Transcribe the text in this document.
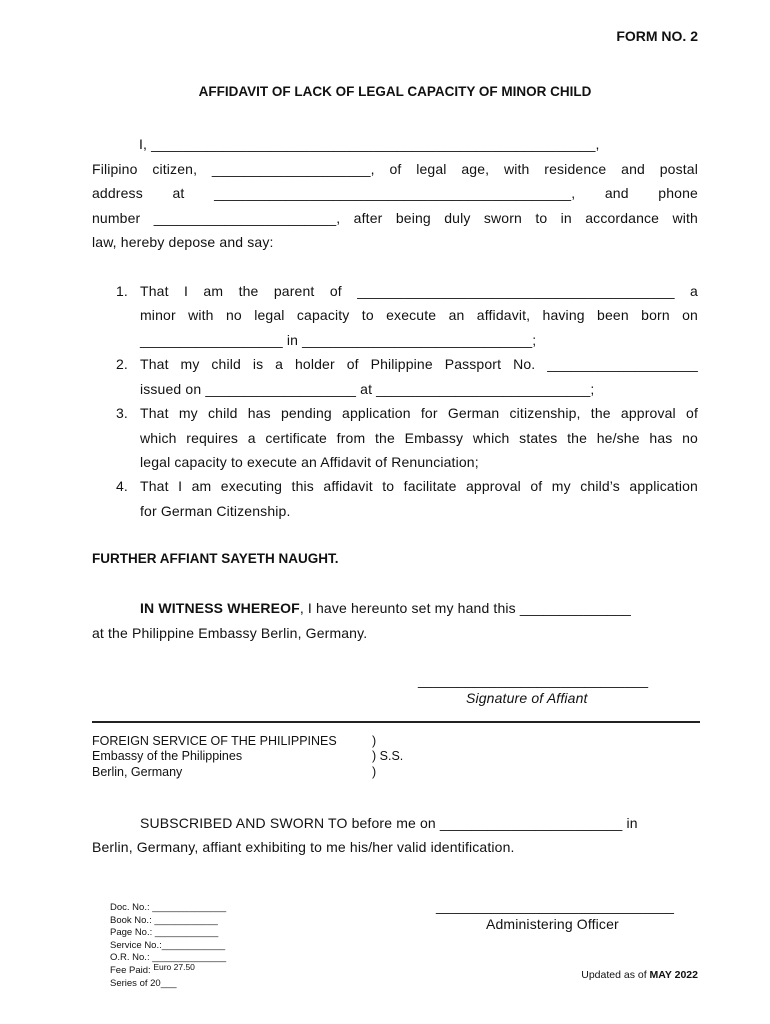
FORM NO. 2
AFFIDAVIT OF LACK OF LEGAL CAPACITY OF MINOR CHILD
I, ________________________________________________________,
Filipino citizen, ____________________, of legal age, with residence and postal
address at _____________________________________________, and phone
number _______________________, after being duly sworn to in accordance with
law, hereby depose and say:
1. That I am the parent of ________________________________________ a
minor with no legal capacity to execute an affidavit, having been born on
__________________ in _____________________________;
2. That my child is a holder of Philippine Passport No. ___________________
issued on ___________________ at ___________________________;
3. That my child has pending application for German citizenship, the approval of
which requires a certificate from the Embassy which states the he/she has no
legal capacity to execute an Affidavit of Renunciation;
4. That I am executing this affidavit to facilitate approval of my child’s application
for German Citizenship.
FURTHER AFFIANT SAYETH NAUGHT.
IN WITNESS WHEREOF, I have hereunto set my hand this ______________
at the Philippine Embassy Berlin, Germany.
_____________________________
Signature of Affiant
FOREIGN SERVICE OF THE PHILIPPINES
Embassy of the Philippines
Berlin, Germany
)
) S.S.
)
SUBSCRIBED AND SWORN TO before me on _______________________ in
Berlin, Germany, affiant exhibiting to me his/her valid identification.
______________________________
Administering Officer
Doc. No.: ______________
Book No.: ____________
Page No.: ____________
Service No.:____________
O.R. No.: ______________
Fee Paid: Euro 27.50
Series of 20___
Updated as of MAY 2022
